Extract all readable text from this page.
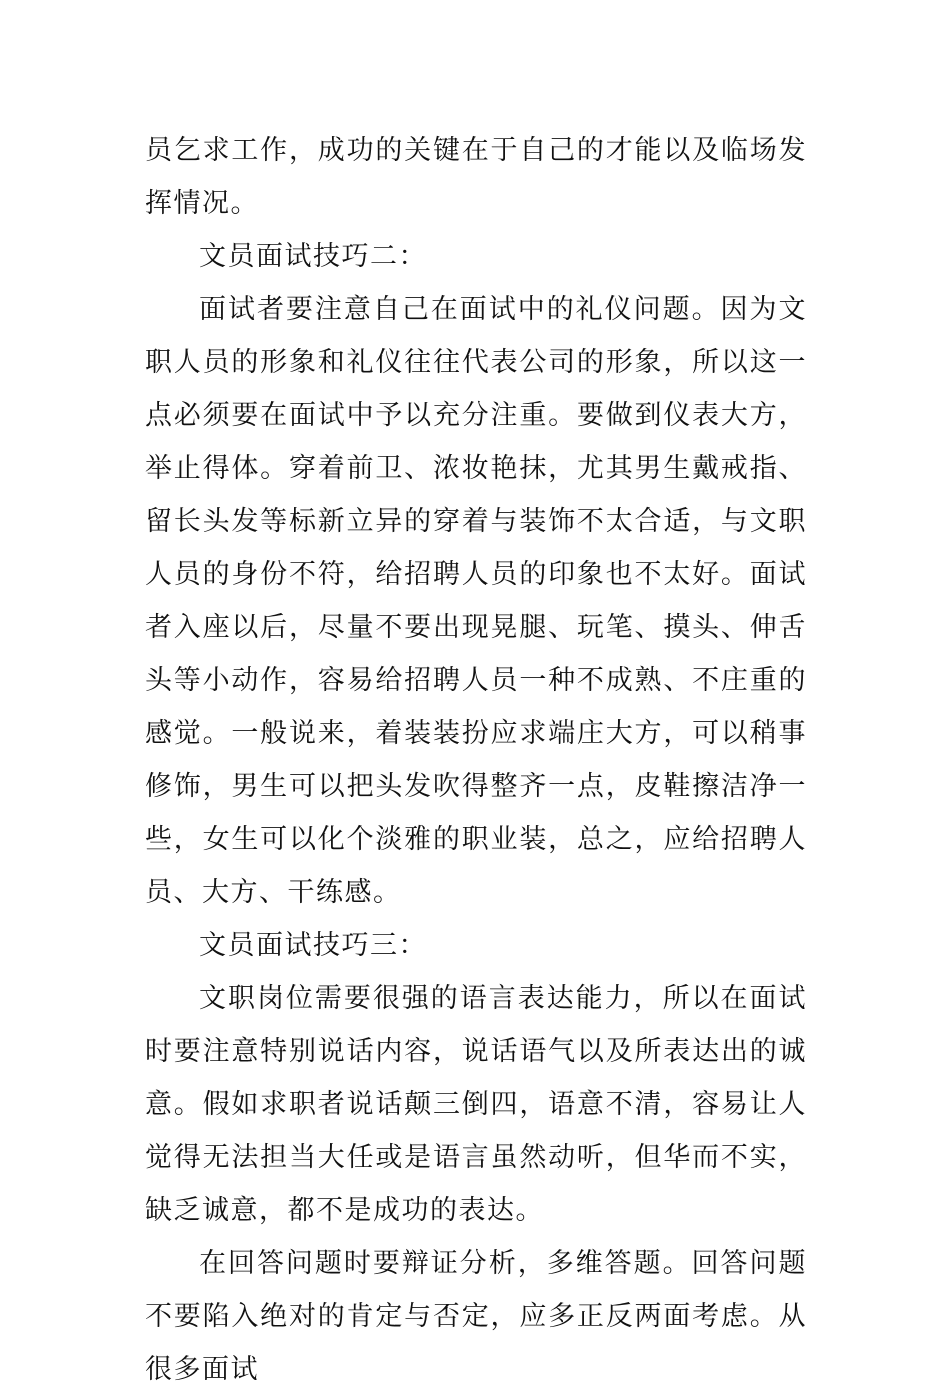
员乞求工作，成功的关键在于自己的才能以及临场发挥情况。

文员面试技巧二：

面试者要注意自己在面试中的礼仪问题。因为文职人员的形象和礼仪往往代表公司的形象，所以这一点必须要在面试中予以充分注重。要做到仪表大方，举止得体。穿着前卫、浓妆艳抹，尤其男生戴戒指、留长头发等标新立异的穿着与装饰不太合适，与文职人员的身份不符，给招聘人员的印象也不太好。面试者入座以后，尽量不要出现晃腿、玩笔、摸头、伸舌头等小动作，容易给招聘人员一种不成熟、不庄重的感觉。一般说来，着装装扮应求端庄大方，可以稍事修饰，男生可以把头发吹得整齐一点，皮鞋擦洁净一些，女生可以化个淡雅的职业装，总之，应给招聘人员、大方、干练感。

文员面试技巧三：

文职岗位需要很强的语言表达能力，所以在面试时要注意特别说话内容，说话语气以及所表达出的诚意。假如求职者说话颠三倒四，语意不清，容易让人觉得无法担当大任或是语言虽然动听，但华而不实，缺乏诚意，都不是成功的表达。

在回答问题时要辩证分析，多维答题。回答问题不要陷入绝对的肯定与否定，应多正反两面考虑。从很多面试
